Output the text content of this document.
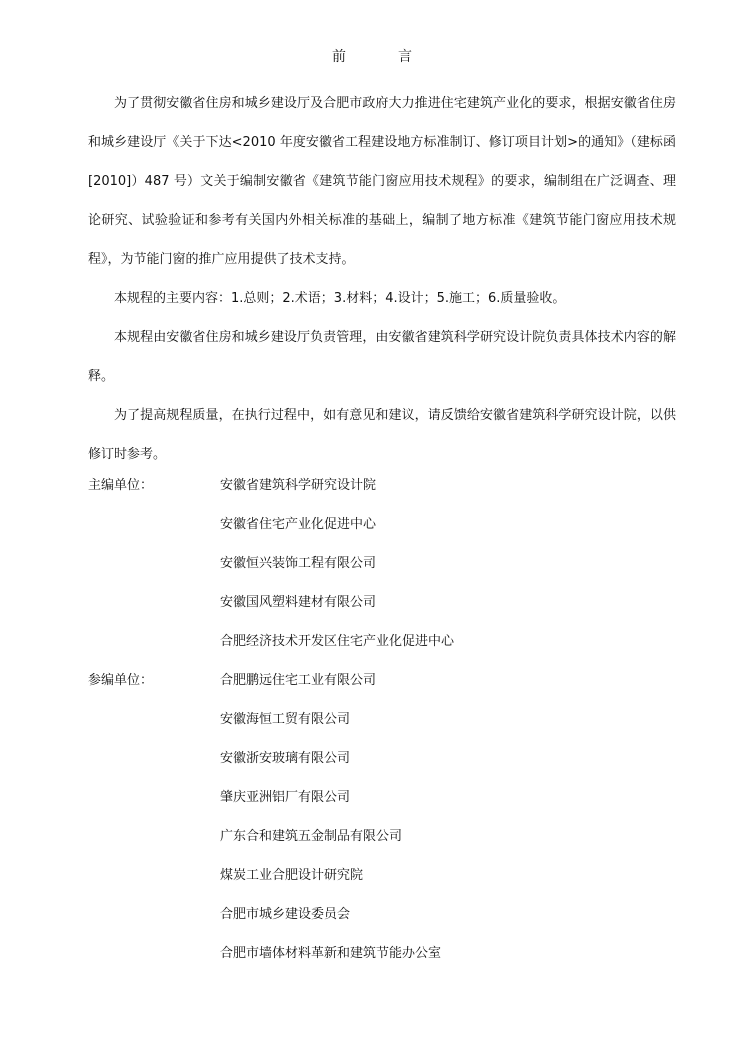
前	言

为了贯彻安徽省住房和城乡建设厅及合肥市政府大力推进住宅建筑产业化的要求，根据安徽省住房和城乡建设厅《关于下达<2010 年度安徽省工程建设地方标准制订、修订项目计划>的通知》（建标函[2010]）487 号）文关于编制安徽省《建筑节能门窗应用技术规程》的要求，编制组在广泛调查、理论研究、试验验证和参考有关国内外相关标准的基础上，编制了地方标准《建筑节能门窗应用技术规程》，为节能门窗的推广应用提供了技术支持。

本规程的主要内容：1.总则；2.术语；3.材料；4.设计；5.施工；6.质量验收。

本规程由安徽省住房和城乡建设厅负责管理，由安徽省建筑科学研究设计院负责具体技术内容的解释。

为了提高规程质量，在执行过程中，如有意见和建议，请反馈给安徽省建筑科学研究设计院，以供修订时参考。

主编单位：	安徽省建筑科学研究设计院
安徽省住宅产业化促进中心
安徽恒兴装饰工程有限公司
安徽国风塑料建材有限公司
合肥经济技术开发区住宅产业化促进中心
参编单位：	合肥鹏远住宅工业有限公司
安徽海恒工贸有限公司
安徽浙安玻璃有限公司
肇庆亚洲铝厂有限公司
广东合和建筑五金制品有限公司
煤炭工业合肥设计研究院
合肥市城乡建设委员会
合肥市墙体材料革新和建筑节能办公室
